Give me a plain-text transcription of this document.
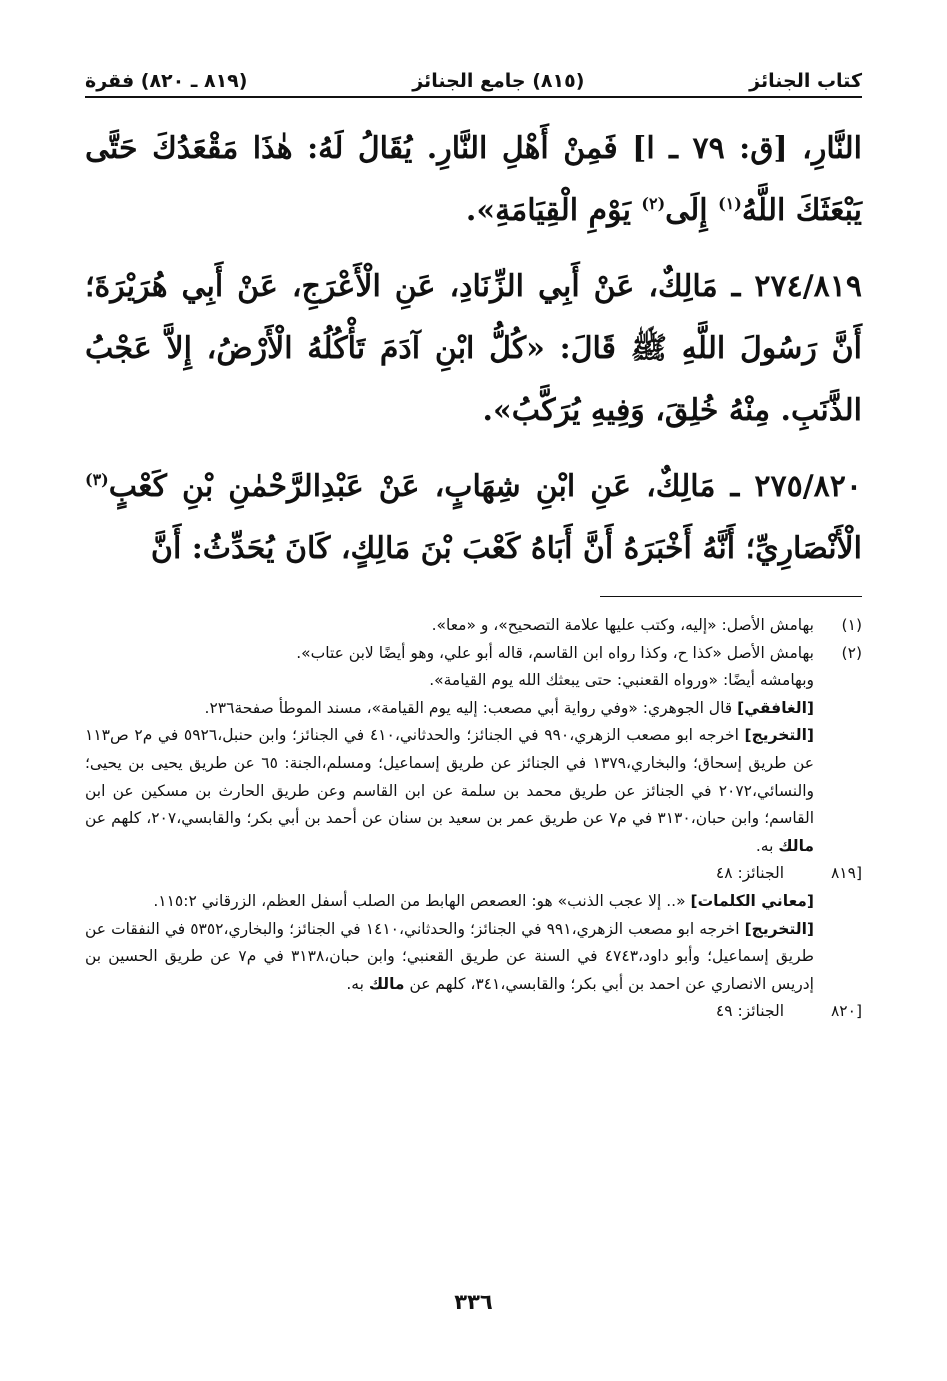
كتاب الجنائز
(٨١٥) جامع الجنائز
(٨١٩ ـ ٨٢٠) فقرة

النَّارِ، [ق: ٧٩ ـ ا] فَمِنْ أَهْلِ النَّارِ. يُقَالُ لَهُ: هٰذَا مَقْعَدُكَ حَتَّى يَبْعَثَكَ اللَّهُ$^{(١)}$ إِلَى$^{(٢)}$ يَوْمِ الْقِيَامَةِ».

٢٧٤/٨١٩ ـ مَالِكٌ، عَنْ أَبِي الزِّنَادِ، عَنِ الْأَعْرَجِ، عَنْ أَبِي هُرَيْرَةَ؛ أَنَّ رَسُولَ اللَّهِ ﷺ قَالَ: «كُلُّ ابْنِ آدَمَ تَأْكُلُهُ الْأَرْضُ، إِلاَّ عَجْبُ الذَّنَبِ. مِنْهُ خُلِقَ، وَفِيهِ يُرَكَّبُ».

٢٧٥/٨٢٠ ـ مَالِكٌ، عَنِ ابْنِ شِهَابٍ، عَنْ عَبْدِالرَّحْمٰنِ بْنِ كَعْبٍ$^{(٣)}$ الْأَنْصَارِيِّ؛ أَنَّهُ أَخْبَرَهُ أَنَّ أَبَاهُ كَعْبَ بْنَ مَالِكٍ، كَانَ يُحَدِّثُ: أَنَّ

(١)
بهامش الأصل: «إليه، وكتب عليها علامة التصحيح»، و «معا».
(٢)
بهامش الأصل «كذا ح، وكذا رواه ابن القاسم، قاله أبو علي، وهو أيضًا لابن عتاب».
وبهامشه أيضًا: «ورواه القعنبي: حتى يبعثك الله يوم القيامة».
[الغافقي] قال الجوهري: «وفي رواية أبي مصعب: إليه يوم القيامة»، مسند الموطأ صفحة٢٣٦.
[التخريج] اخرجه ابو مصعب الزهري،٩٩٠ في الجنائز؛ والحدثاني،٤١٠ في الجنائز؛ وابن حنبل،٥٩٢٦ في م٢ ص١١٣ عن طريق إسحاق؛ والبخاري،١٣٧٩ في الجنائز عن طريق إسماعيل؛ ومسلم،الجنة: ٦٥ عن طريق يحيى بن يحيى؛ والنسائي،٢٠٧٢ في الجنائز عن طريق محمد بن سلمة عن ابن القاسم وعن طريق الحارث بن مسكين عن ابن القاسم؛ وابن حبان،٣١٣٠ في م٧ عن طريق عمر بن سعيد بن سنان عن أحمد بن أبي بكر؛ والقابسي،٢٠٧، كلهم عن مالك به.
[٨١٩
الجنائز: ٤٨
[معاني الكلمات] «.. إلا عجب الذنب» هو: العصعص الهابط من الصلب أسفل العظم، الزرقاني ١١٥:٢.
[التخريج] اخرجه ابو مصعب الزهري،٩٩١ في الجنائز؛ والحدثاني،١٤١٠ في الجنائز؛ والبخاري،٥٣٥٢ في النفقات عن طريق إسماعيل؛ وأبو داود،٤٧٤٣ في السنة عن طريق القعنبي؛ وابن حبان،٣١٣٨ في م٧ عن طريق الحسين بن إدريس الانصاري عن احمد بن أبي بكر؛ والقابسي،٣٤١، كلهم عن مالك به.
[٨٢٠
الجنائز: ٤٩
٣٣٦
